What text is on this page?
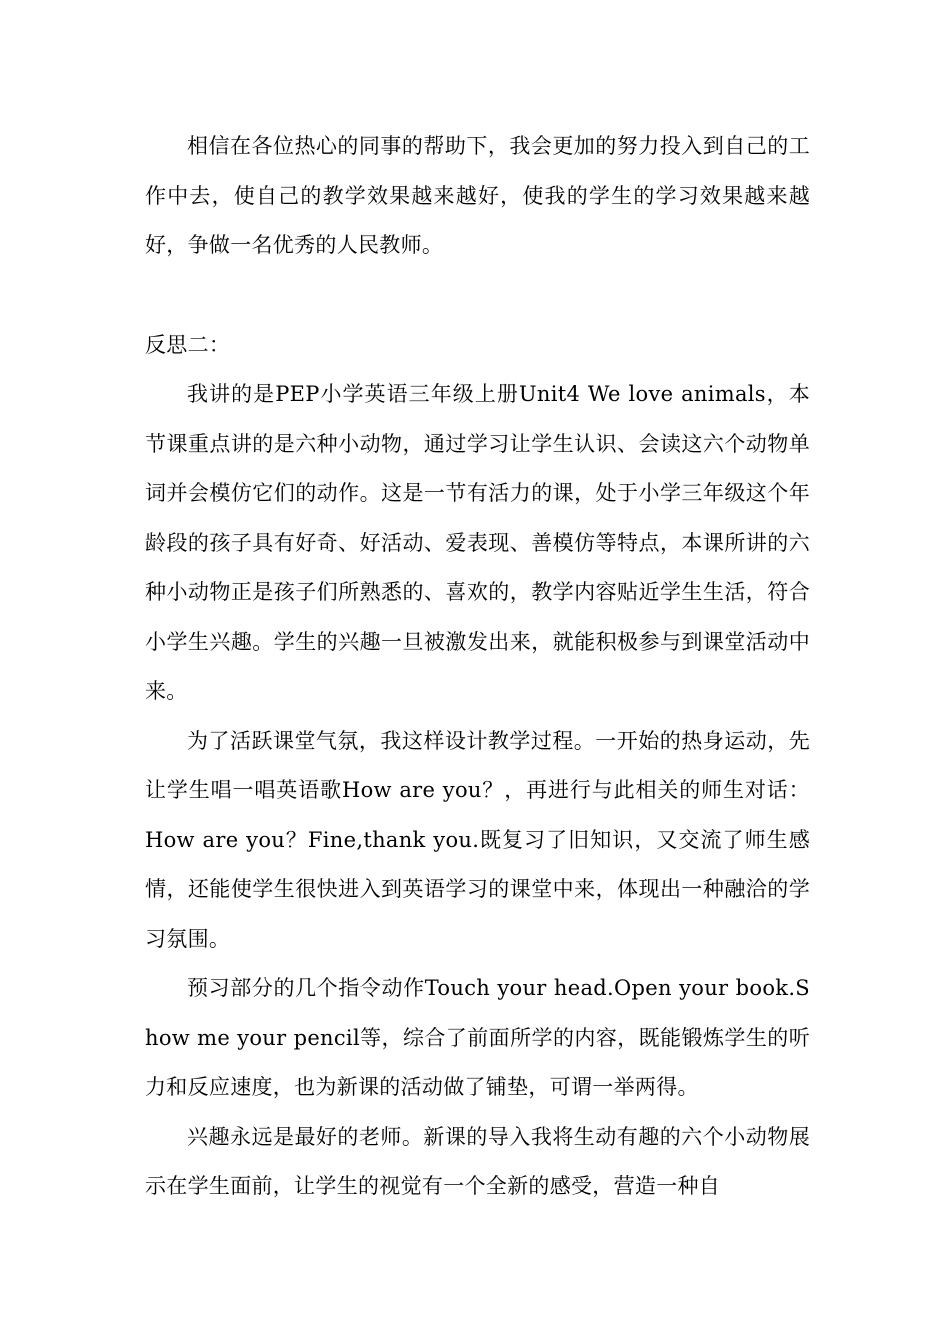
相信在各位热心的同事的帮助下，我会更加的努力投入到自己的工作中去，使自己的教学效果越来越好，使我的学生的学习效果越来越好，争做一名优秀的人民教师。

反思二：

我讲的是PEP小学英语三年级上册Unit4 We love animals，本节课重点讲的是六种小动物，通过学习让学生认识、会读这六个动物单词并会模仿它们的动作。这是一节有活力的课，处于小学三年级这个年龄段的孩子具有好奇、好活动、爱表现、善模仿等特点，本课所讲的六种小动物正是孩子们所熟悉的、喜欢的，教学内容贴近学生生活，符合小学生兴趣。学生的兴趣一旦被激发出来，就能积极参与到课堂活动中来。

为了活跃课堂气氛，我这样设计教学过程。一开始的热身运动，先让学生唱一唱英语歌How are you？，再进行与此相关的师生对话：How are you？Fine,thank you.既复习了旧知识，又交流了师生感情，还能使学生很快进入到英语学习的课堂中来，体现出一种融洽的学习氛围。

预习部分的几个指令动作Touch your head.Open your book.Show me your pencil等，综合了前面所学的内容，既能锻炼学生的听力和反应速度，也为新课的活动做了铺垫，可谓一举两得。

兴趣永远是最好的老师。新课的导入我将生动有趣的六个小动物展示在学生面前，让学生的视觉有一个全新的感受，营造一种自
